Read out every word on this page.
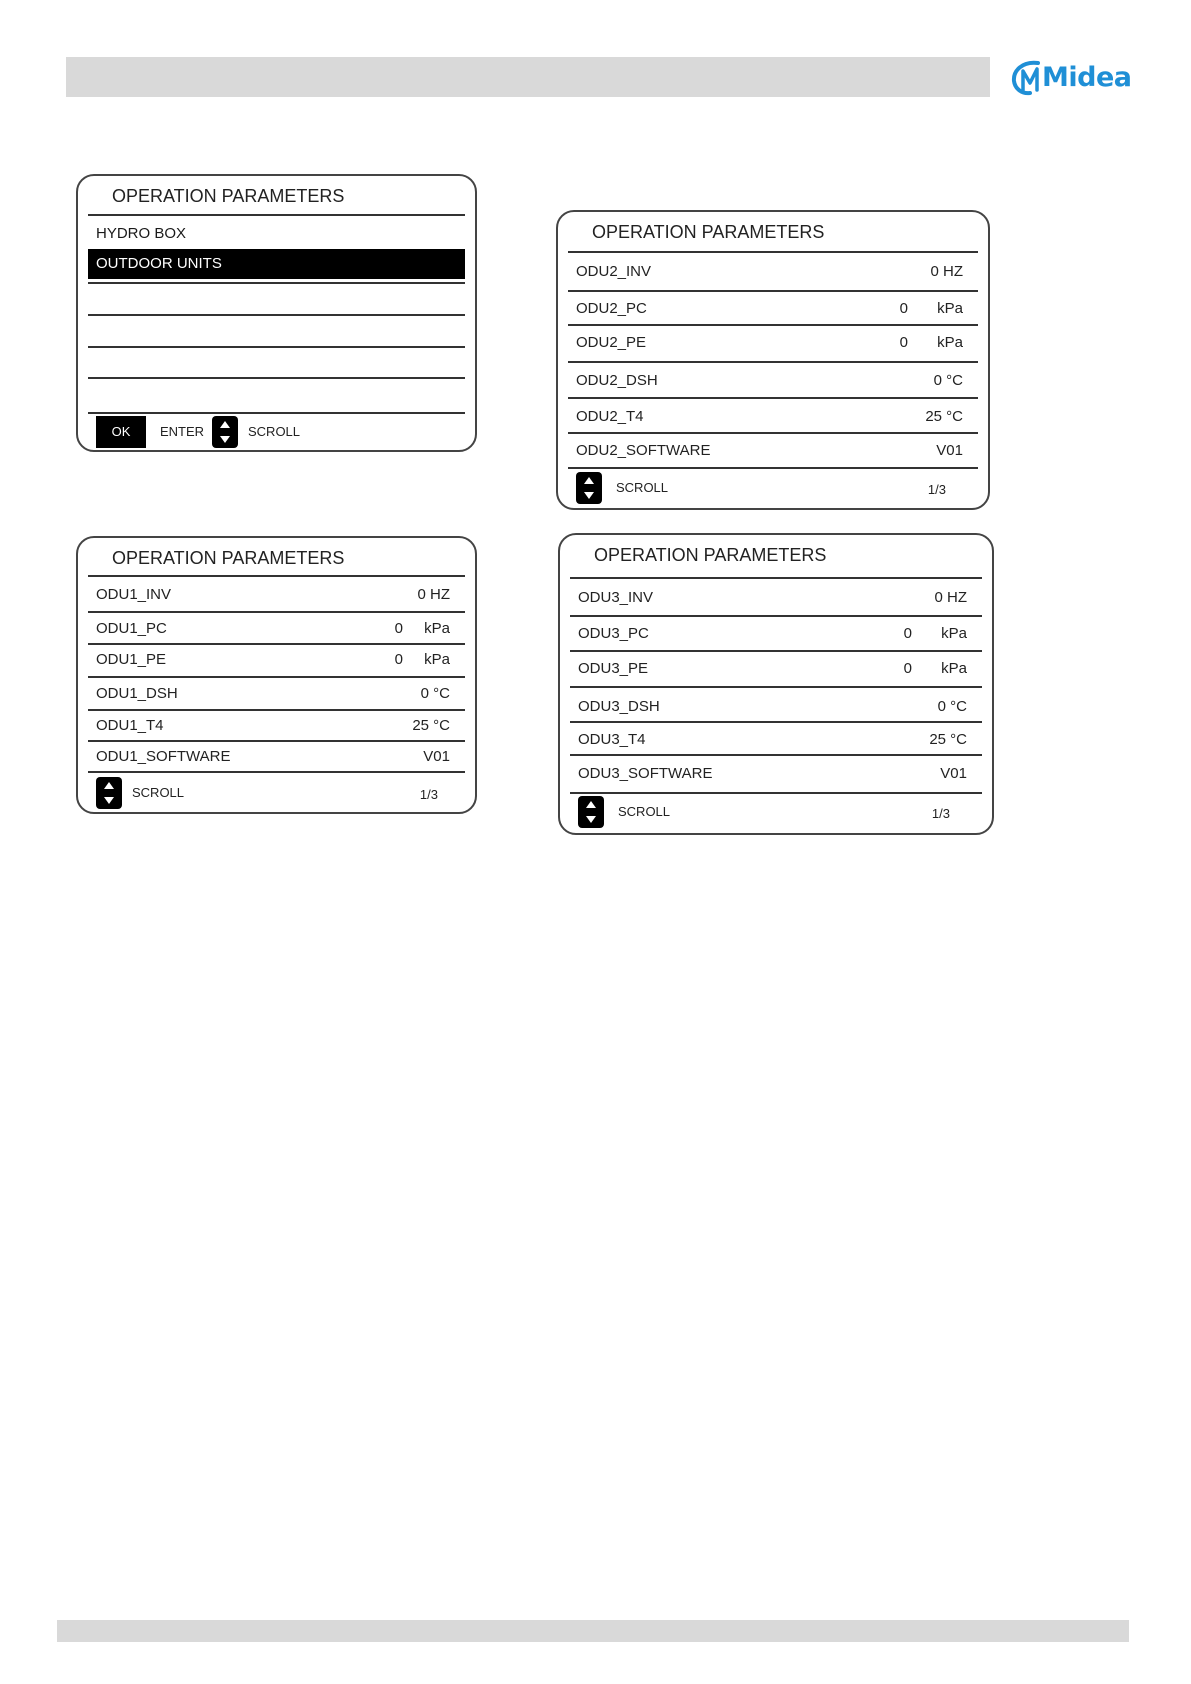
Midea
OPERATION PARAMETERS
HYDRO BOX
OUTDOOR UNITS
OK	ENTER	SCROLL
OPERATION PARAMETERS
ODU1_INV	0 HZ
ODU1_PC	0 kPa
ODU1_PE	0 kPa
ODU1_DSH	0 °C
ODU1_T4	25 °C
ODU1_SOFTWARE	V01
SCROLL	1/3
OPERATION PARAMETERS
ODU2_INV	0 HZ
ODU2_PC	0 kPa
ODU2_PE	0 kPa
ODU2_DSH	0 °C
ODU2_T4	25 °C
ODU2_SOFTWARE	V01
SCROLL	1/3
OPERATION PARAMETERS
ODU3_INV	0 HZ
ODU3_PC	0 kPa
ODU3_PE	0 kPa
ODU3_DSH	0 °C
ODU3_T4	25 °C
ODU3_SOFTWARE	V01
SCROLL	1/3
